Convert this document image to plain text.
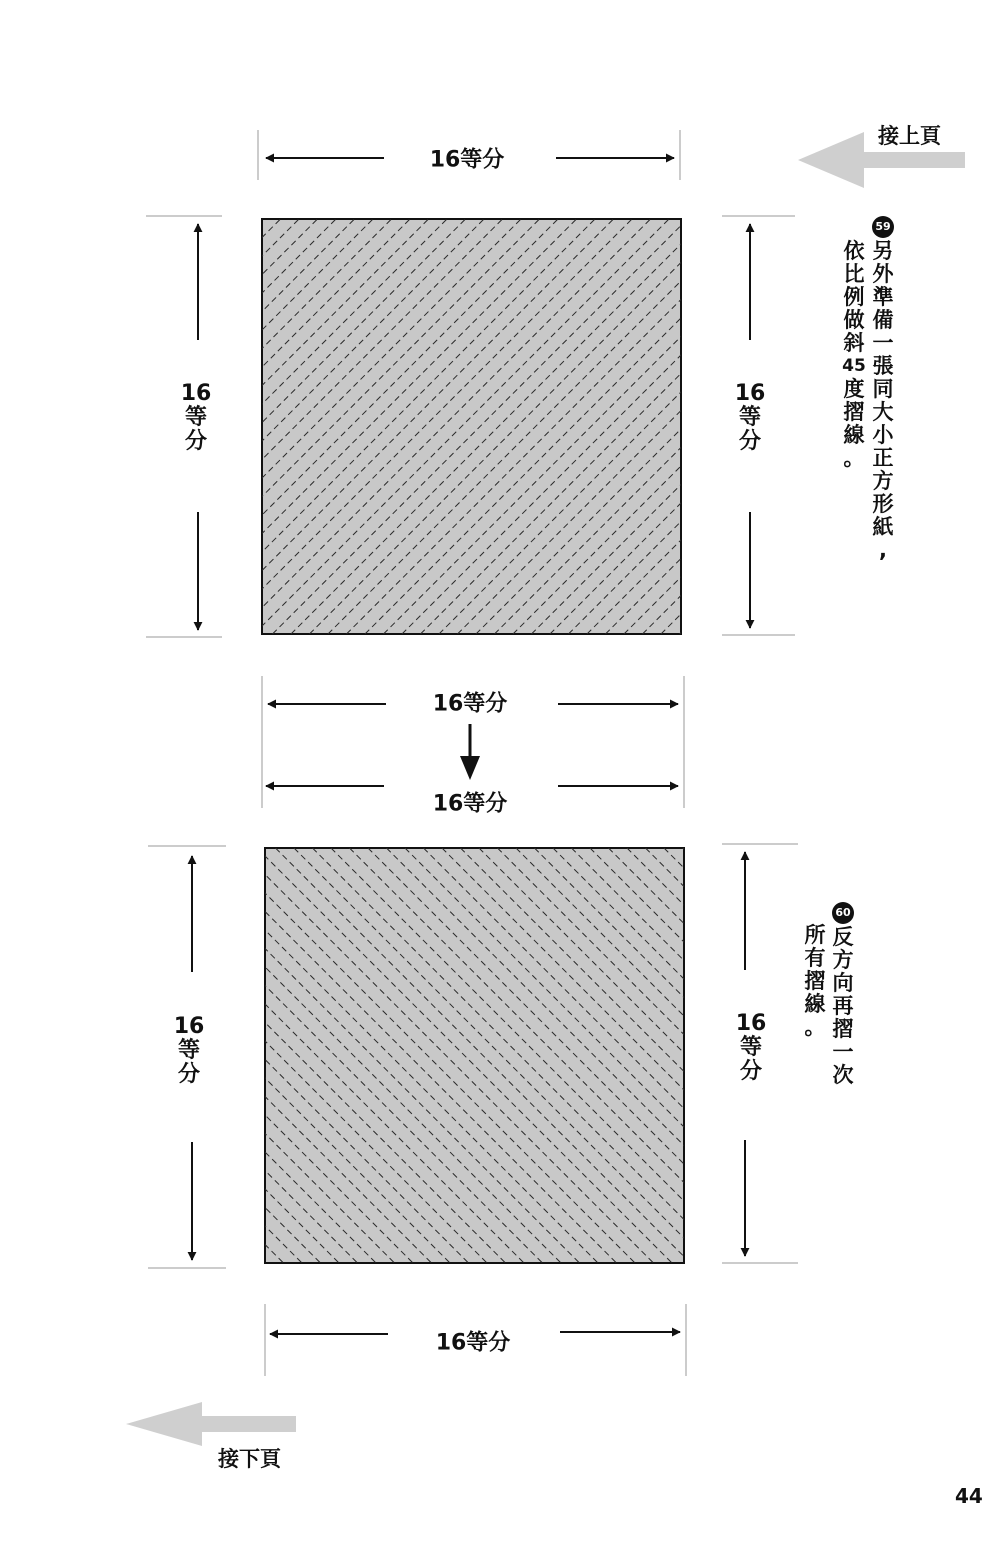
接上頁
接下頁
16等分
16等分
16等分
16等分
16
等
分
16
等
分
16
等
分
16
等
分
59
另
外
準
備
一
張
同
大
小
正
方
形
紙
,
依
比
例
做
斜
45
度
摺
線
。
60
反
方
向
再
摺
一
次
所
有
摺
線
。
44
